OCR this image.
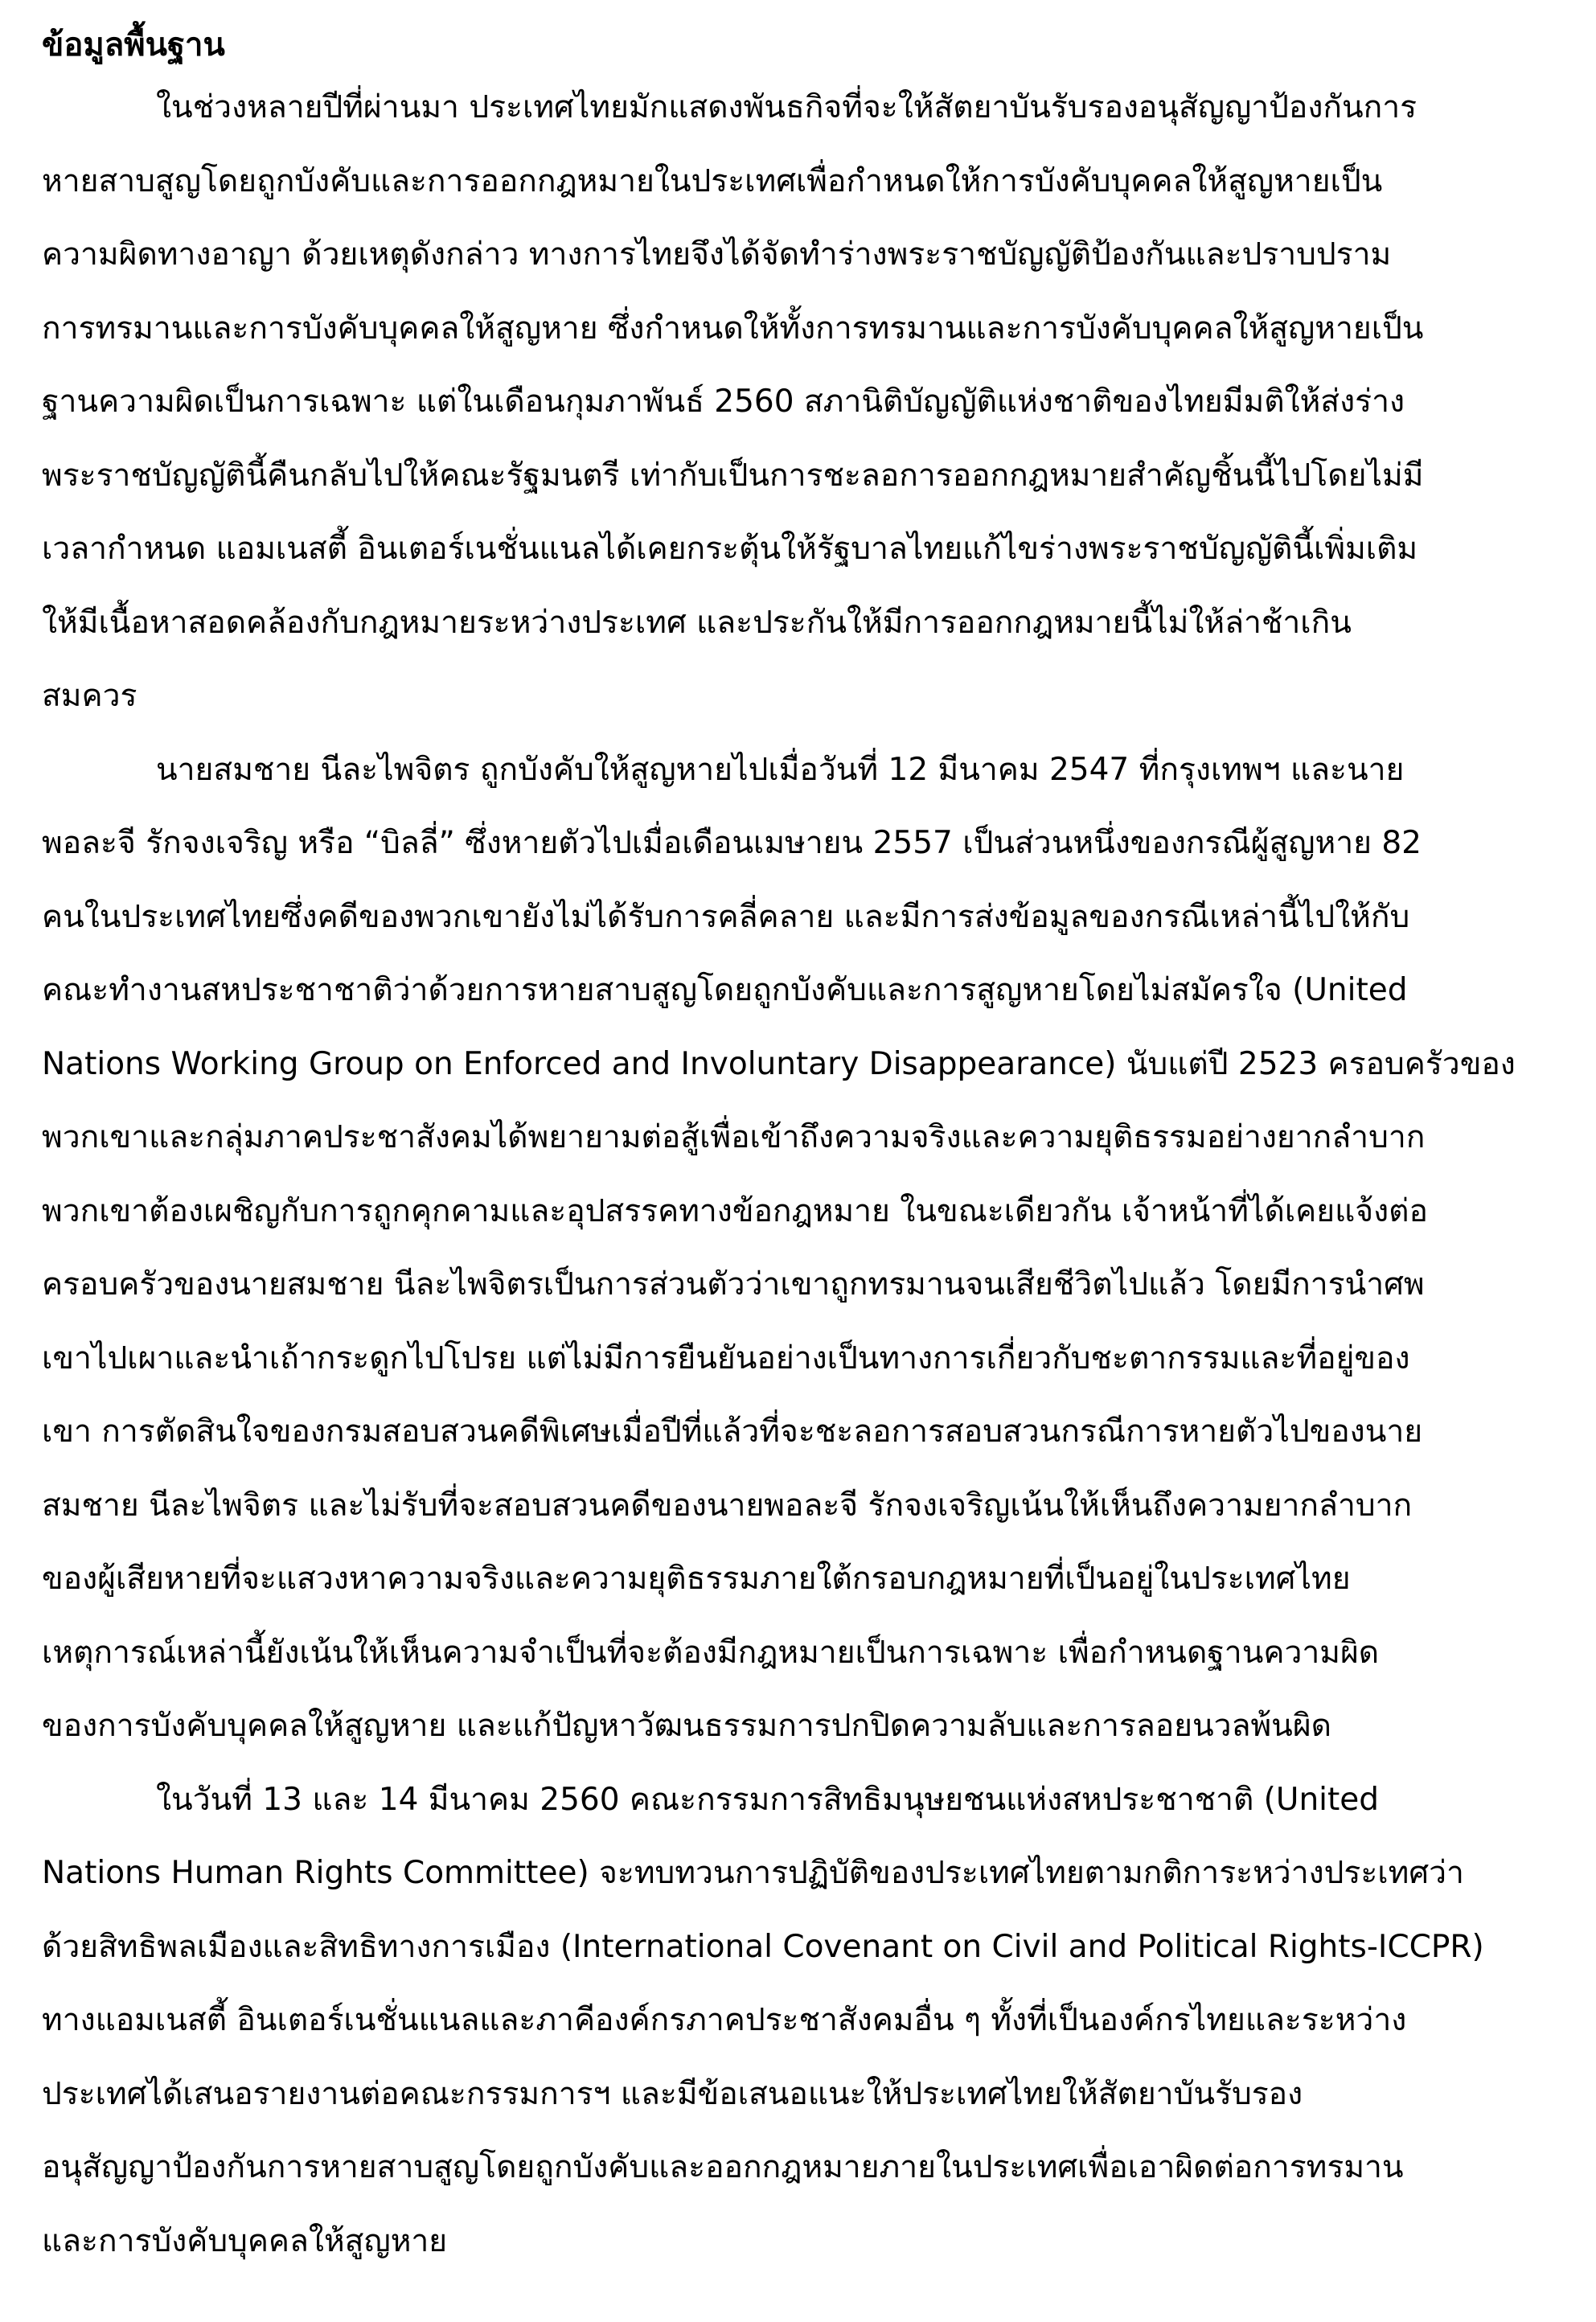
ข้อมูลพื้นฐาน

ในช่วงหลายปีที่ผ่านมา ประเทศไทยมักแสดงพันธกิจที่จะให้สัตยาบันรับรองอนุสัญญาป้องกันการ
หายสาบสูญโดยถูกบังคับและการออกกฎหมายในประเทศเพื่อกำหนดให้การบังคับบุคคลให้สูญหายเป็น
ความผิดทางอาญา ด้วยเหตุดังกล่าว ทางการไทยจึงได้จัดทำร่างพระราชบัญญัติป้องกันและปราบปราม
การทรมานและการบังคับบุคคลให้สูญหาย ซึ่งกำหนดให้ทั้งการทรมานและการบังคับบุคคลให้สูญหายเป็น
ฐานความผิดเป็นการเฉพาะ แต่ในเดือนกุมภาพันธ์ 2560 สภานิติบัญญัติแห่งชาติของไทยมีมติให้ส่งร่าง
พระราชบัญญัตินี้คืนกลับไปให้คณะรัฐมนตรี เท่ากับเป็นการชะลอการออกกฎหมายสำคัญชิ้นนี้ไปโดยไม่มี
เวลากำหนด แอมเนสตี้ อินเตอร์เนชั่นแนลได้เคยกระตุ้นให้รัฐบาลไทยแก้ไขร่างพระราชบัญญัตินี้เพิ่มเติม
ให้มีเนื้อหาสอดคล้องกับกฎหมายระหว่างประเทศ และประกันให้มีการออกกฎหมายนี้ไม่ให้ล่าช้าเกิน
สมควร

นายสมชาย นีละไพจิตร ถูกบังคับให้สูญหายไปเมื่อวันที่ 12 มีนาคม 2547 ที่กรุงเทพฯ และนาย
พอละจี รักจงเจริญ หรือ “บิลลี่” ซึ่งหายตัวไปเมื่อเดือนเมษายน 2557 เป็นส่วนหนึ่งของกรณีผู้สูญหาย 82
คนในประเทศไทยซึ่งคดีของพวกเขายังไม่ได้รับการคลี่คลาย และมีการส่งข้อมูลของกรณีเหล่านี้ไปให้กับ
คณะทำงานสหประชาชาติว่าด้วยการหายสาบสูญโดยถูกบังคับและการสูญหายโดยไม่สมัครใจ (United
Nations Working Group on Enforced and Involuntary Disappearance) นับแต่ปี 2523 ครอบครัวของ
พวกเขาและกลุ่มภาคประชาสังคมได้พยายามต่อสู้เพื่อเข้าถึงความจริงและความยุติธรรมอย่างยากลำบาก
พวกเขาต้องเผชิญกับการถูกคุกคามและอุปสรรคทางข้อกฎหมาย ในขณะเดียวกัน เจ้าหน้าที่ได้เคยแจ้งต่อ
ครอบครัวของนายสมชาย นีละไพจิตรเป็นการส่วนตัวว่าเขาถูกทรมานจนเสียชีวิตไปแล้ว โดยมีการนำศพ
เขาไปเผาและนำเถ้ากระดูกไปโปรย แต่ไม่มีการยืนยันอย่างเป็นทางการเกี่ยวกับชะตากรรมและที่อยู่ของ
เขา การตัดสินใจของกรมสอบสวนคดีพิเศษเมื่อปีที่แล้วที่จะชะลอการสอบสวนกรณีการหายตัวไปของนาย
สมชาย นีละไพจิตร และไม่รับที่จะสอบสวนคดีของนายพอละจี รักจงเจริญเน้นให้เห็นถึงความยากลำบาก
ของผู้เสียหายที่จะแสวงหาความจริงและความยุติธรรมภายใต้กรอบกฎหมายที่เป็นอยู่ในประเทศไทย
เหตุการณ์เหล่านี้ยังเน้นให้เห็นความจำเป็นที่จะต้องมีกฎหมายเป็นการเฉพาะ เพื่อกำหนดฐานความผิด
ของการบังคับบุคคลให้สูญหาย และแก้ปัญหาวัฒนธรรมการปกปิดความลับและการลอยนวลพ้นผิด

ในวันที่ 13 และ 14 มีนาคม 2560 คณะกรรมการสิทธิมนุษยชนแห่งสหประชาชาติ (United
Nations Human Rights Committee) จะทบทวนการปฏิบัติของประเทศไทยตามกติการะหว่างประเทศว่า
ด้วยสิทธิพลเมืองและสิทธิทางการเมือง (International Covenant on Civil and Political Rights-ICCPR)
ทางแอมเนสตี้ อินเตอร์เนชั่นแนลและภาคีองค์กรภาคประชาสังคมอื่น ๆ ทั้งที่เป็นองค์กรไทยและระหว่าง
ประเทศได้เสนอรายงานต่อคณะกรรมการฯ และมีข้อเสนอแนะให้ประเทศไทยให้สัตยาบันรับรอง
อนุสัญญาป้องกันการหายสาบสูญโดยถูกบังคับและออกกฎหมายภายในประเทศเพื่อเอาผิดต่อการทรมาน
และการบังคับบุคคลให้สูญหาย
